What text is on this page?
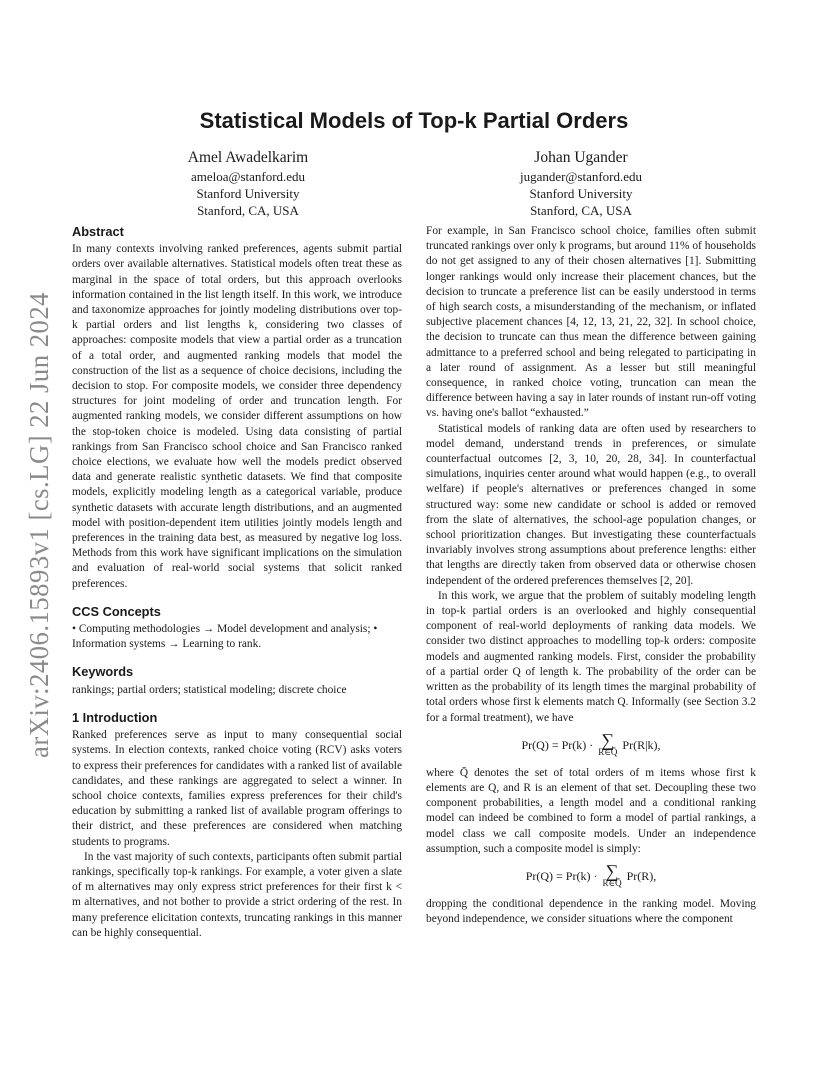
arXiv:2406.15893v1 [cs.LG] 22 Jun 2024
Statistical Models of Top-k Partial Orders
Amel Awadelkarim
ameloa@stanford.edu
Stanford University
Stanford, CA, USA
Johan Ugander
jugander@stanford.edu
Stanford University
Stanford, CA, USA
Abstract

In many contexts involving ranked preferences, agents submit partial orders over available alternatives. Statistical models often treat these as marginal in the space of total orders, but this approach overlooks information contained in the list length itself. In this work, we introduce and taxonomize approaches for jointly modeling distributions over top-k partial orders and list lengths k, considering two classes of approaches: composite models that view a partial order as a truncation of a total order, and augmented ranking models that model the construction of the list as a sequence of choice decisions, including the decision to stop. For composite models, we consider three dependency structures for joint modeling of order and truncation length. For augmented ranking models, we consider different assumptions on how the stop-token choice is modeled. Using data consisting of partial rankings from San Francisco school choice and San Francisco ranked choice elections, we evaluate how well the models predict observed data and generate realistic synthetic datasets. We find that composite models, explicitly modeling length as a categorical variable, produce synthetic datasets with accurate length distributions, and an augmented model with position-dependent item utilities jointly models length and preferences in the training data best, as measured by negative log loss. Methods from this work have significant implications on the simulation and evaluation of real-world social systems that solicit ranked preferences.

CCS Concepts

• Computing methodologies → Model development and analysis; • Information systems → Learning to rank.

Keywords

rankings; partial orders; statistical modeling; discrete choice

1 Introduction

Ranked preferences serve as input to many consequential social systems. In election contexts, ranked choice voting (RCV) asks voters to express their preferences for candidates with a ranked list of available candidates, and these rankings are aggregated to select a winner. In school choice contexts, families express preferences for their child's education by submitting a ranked list of available program offerings to their district, and these preferences are considered when matching students to programs.

In the vast majority of such contexts, participants often submit partial rankings, specifically top-k rankings. For example, a voter given a slate of m alternatives may only express strict preferences for their first k < m alternatives, and not bother to provide a strict ordering of the rest. In many preference elicitation contexts, truncating rankings in this manner can be highly consequential.

For example, in San Francisco school choice, families often submit truncated rankings over only k programs, but around 11% of households do not get assigned to any of their chosen alternatives [1]. Submitting longer rankings would only increase their placement chances, but the decision to truncate a preference list can be easily understood in terms of high search costs, a misunderstanding of the mechanism, or inflated subjective placement chances [4, 12, 13, 21, 22, 32]. In school choice, the decision to truncate can thus mean the difference between gaining admittance to a preferred school and being relegated to participating in a later round of assignment. As a lesser but still meaningful consequence, in ranked choice voting, truncation can mean the difference between having a say in later rounds of instant run-off voting vs. having one's ballot “exhausted.”

Statistical models of ranking data are often used by researchers to model demand, understand trends in preferences, or simulate counterfactual outcomes [2, 3, 10, 20, 28, 34]. In counterfactual simulations, inquiries center around what would happen (e.g., to overall welfare) if people's alternatives or preferences changed in some structured way: some new candidate or school is added or removed from the slate of alternatives, the school-age population changes, or school prioritization changes. But investigating these counterfactuals invariably involves strong assumptions about preference lengths: either that lengths are directly taken from observed data or otherwise chosen independent of the ordered preferences themselves [2, 20].

In this work, we argue that the problem of suitably modeling length in top-k partial orders is an overlooked and highly consequential component of real-world deployments of ranking data models. We consider two distinct approaches to modelling top-k orders: composite models and augmented ranking models. First, consider the probability of a partial order Q of length k. The probability of the order can be written as the probability of its length times the marginal probability of total orders whose first k elements match Q. Informally (see Section 3.2 for a formal treatment), we have

Pr(Q) = Pr(k) · ∑
R∈Q̄
Pr(R|k),

where Q̄ denotes the set of total orders of m items whose first k elements are Q, and R is an element of that set. Decoupling these two component probabilities, a length model and a conditional ranking model can indeed be combined to form a model of partial rankings, a model class we call composite models. Under an independence assumption, such a composite model is simply:

Pr(Q) = Pr(k) · ∑
R∈Q̄
Pr(R),

dropping the conditional dependence in the ranking model. Moving beyond independence, we consider situations where the component
